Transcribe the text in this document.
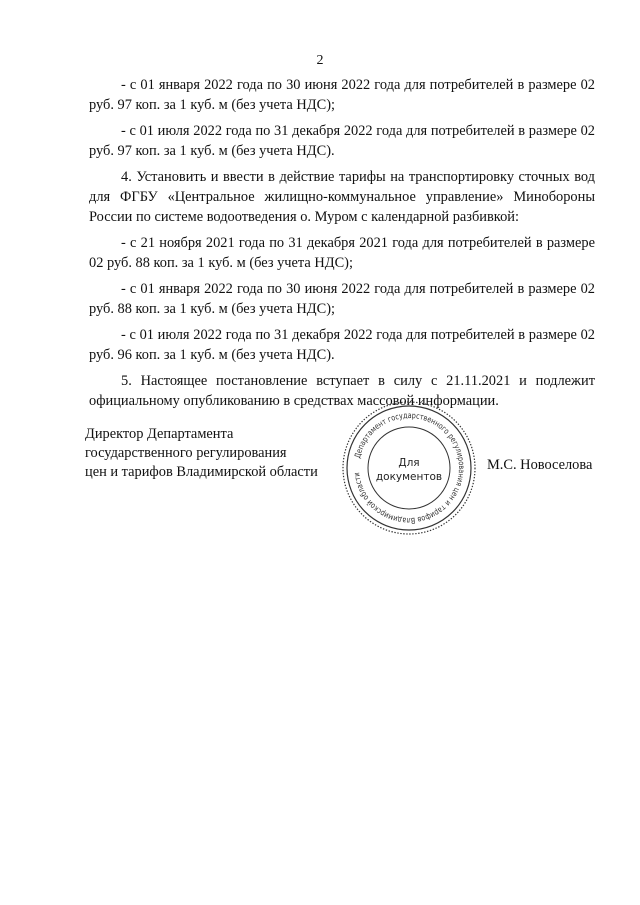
2

- с 01 января 2022 года по 30 июня 2022 года для потребителей в размере 02 руб. 97 коп. за 1 куб. м (без учета НДС);

- с 01 июля 2022 года по 31 декабря 2022 года для потребителей в размере 02 руб. 97 коп. за 1 куб. м (без учета НДС).

4. Установить и ввести в действие тарифы на транспортировку сточных вод для ФГБУ «Центральное жилищно-коммунальное управление» Минобороны России по системе водоотведения о. Муром с календарной разбивкой:

- с 21 ноября 2021 года по 31 декабря 2021 года для потребителей в размере 02 руб. 88 коп. за 1 куб. м (без учета НДС);

- с 01 января 2022 года по 30 июня 2022 года для потребителей в размере 02 руб. 88 коп. за 1 куб. м (без учета НДС);

- с 01 июля 2022 года по 31 декабря 2022 года для потребителей в размере 02 руб. 96 коп. за 1 куб. м (без учета НДС).

5. Настоящее постановление вступает в силу с 21.11.2021 и подлежит официальному опубликованию в средствах массовой информации.

Директор Департамента
государственного регулирования
цен и тарифов Владимирской области
Департамент государственного регулирования цен и тарифов Владимирской области
Для
документов
М.С. Новоселова
